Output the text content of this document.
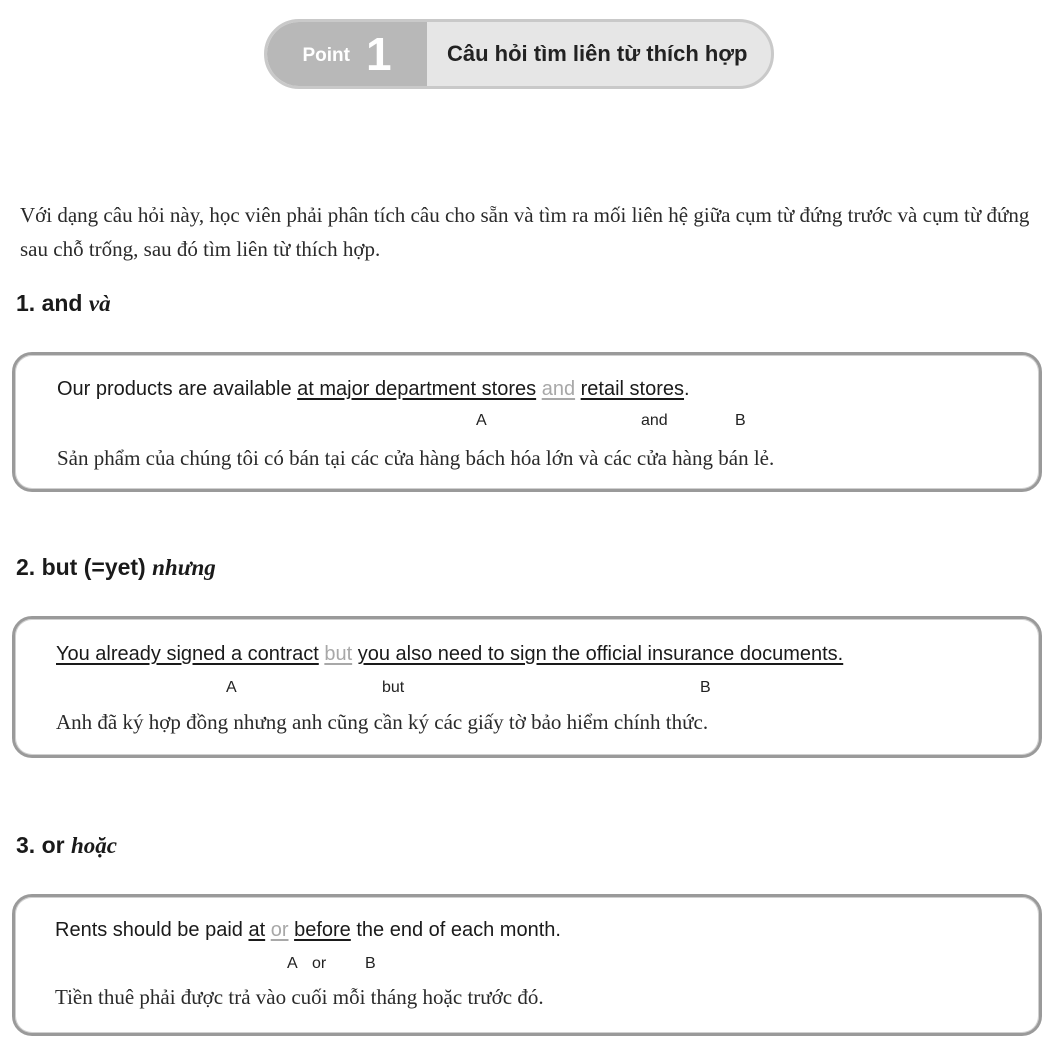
Point 1	Câu hỏi tìm liên từ thích hợp
Với dạng câu hỏi này, học viên phải phân tích câu cho sẵn và tìm ra mối liên hệ giữa cụm từ đứng trước và cụm từ đứng sau chỗ trống, sau đó tìm liên từ thích hợp.
1. and và
Our products are available at major department stores and retail stores.
A	and	B
Sản phẩm của chúng tôi có bán tại các cửa hàng bách hóa lớn và các cửa hàng bán lẻ.
2. but (=yet) nhưng
You already signed a contract but you also need to sign the official insurance documents.
A	but	B
Anh đã ký hợp đồng nhưng anh cũng cần ký các giấy tờ bảo hiểm chính thức.
3. or hoặc
Rents should be paid at or before the end of each month.
A or B
Tiền thuê phải được trả vào cuối mỗi tháng hoặc trước đó.
